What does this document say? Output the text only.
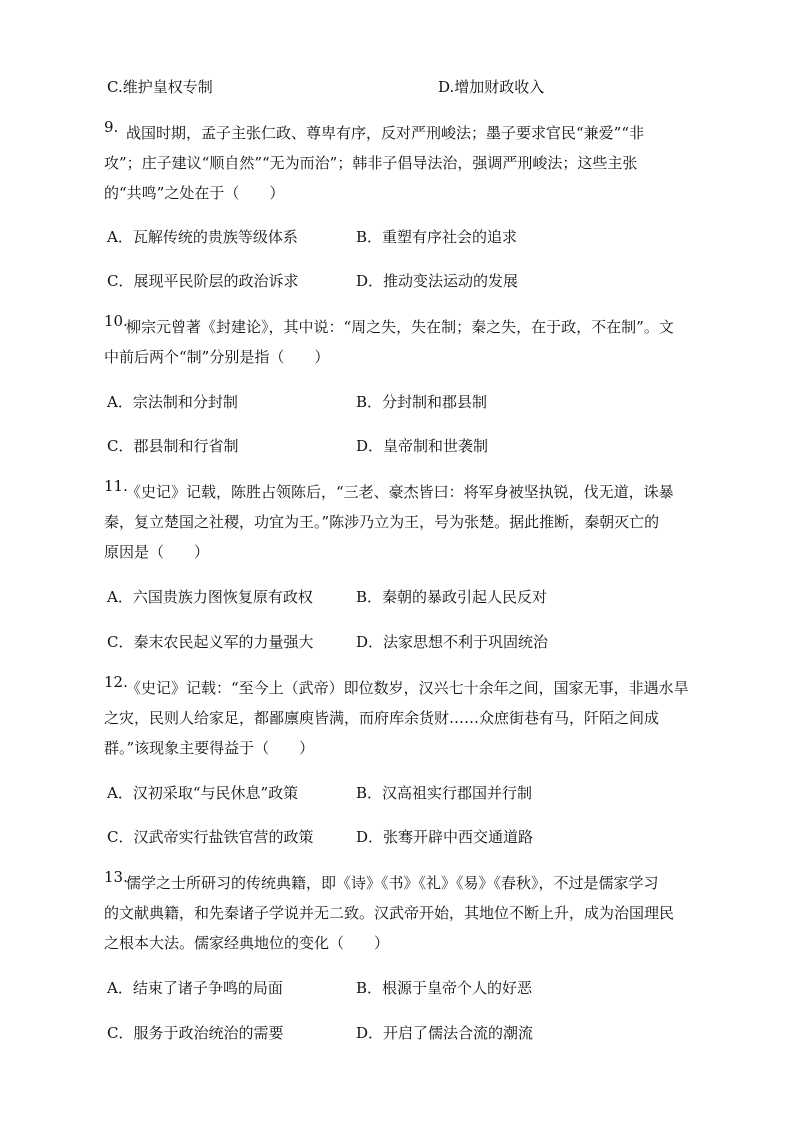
C.维护皇权专制	D.增加财政收入
9. 战国时期，孟子主张仁政、尊卑有序，反对严刑峻法；墨子要求官民“兼爱”“非
攻”；庄子建议“顺自然”“无为而治”；韩非子倡导法治，强调严刑峻法；这些主张
的“共鸣”之处在于（　　）
A．瓦解传统的贵族等级体系	B．重塑有序社会的追求
C．展现平民阶层的政治诉求	D．推动变法运动的发展
10.
柳宗元曾著《封建论》，其中说：“周之失，失在制；秦之失，在于政，不在制”。文
中前后两个“制”分别是指（　　）
A．宗法制和分封制	B．分封制和郡县制
C．郡县制和行省制	D．皇帝制和世袭制
11.
《史记》记载，陈胜占领陈后，“三老、豪杰皆曰：将军身被坚执锐，伐无道，诛暴
秦，复立楚国之社稷，功宜为王。”陈涉乃立为王，号为张楚。据此推断，秦朝灭亡的
原因是（　　）
A．六国贵族力图恢复原有政权	B．秦朝的暴政引起人民反对
C．秦末农民起义军的力量强大	D．法家思想不利于巩固统治
12.
《史记》记载：“至今上（武帝）即位数岁，汉兴七十余年之间，国家无事，非遇水旱
之灾，民则人给家足，都鄙廪庾皆满，而府库余货财……众庶街巷有马，阡陌之间成
群。”该现象主要得益于（　　）
A．汉初采取“与民休息”政策	B．汉高祖实行郡国并行制
C．汉武帝实行盐铁官营的政策	D．张骞开辟中西交通道路
13.
儒学之士所研习的传统典籍，即《诗》《书》《礼》《易》《春秋》，不过是儒家学习
的文献典籍，和先秦诸子学说并无二致。汉武帝开始，其地位不断上升，成为治国理民
之根本大法。儒家经典地位的变化（　　）
A．结束了诸子争鸣的局面	B．根源于皇帝个人的好恶
C．服务于政治统治的需要	D．开启了儒法合流的潮流
